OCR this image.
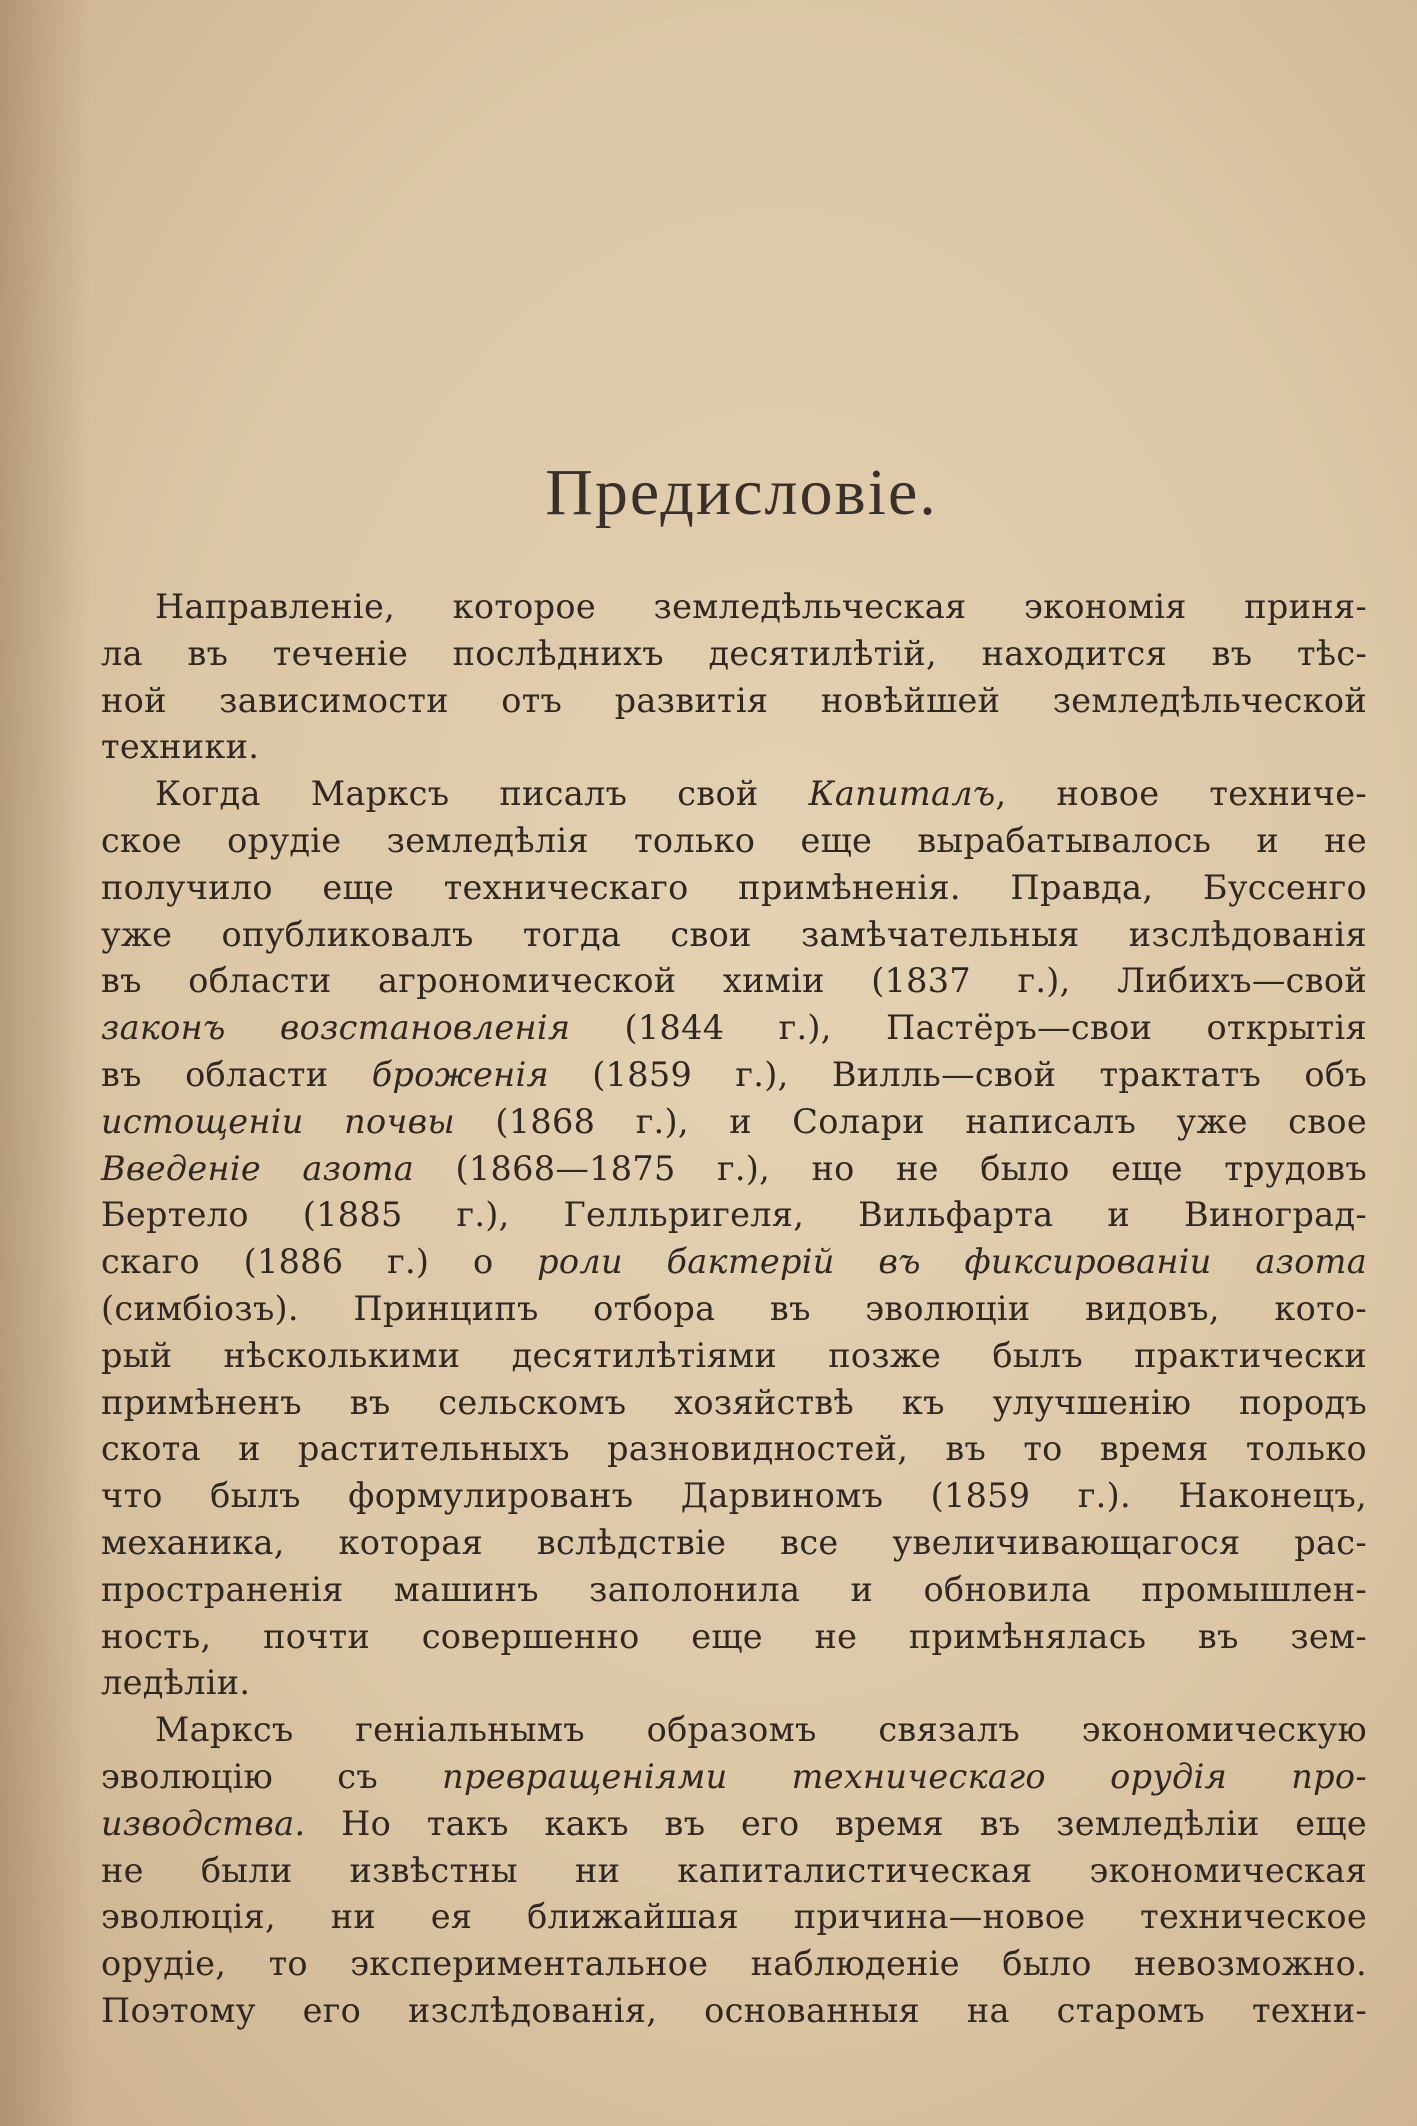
Предисловiе.
Направленiе, которое земледѣльческая экономiя приня-
ла въ теченiе послѣднихъ десятилѣтiй, находится въ тѣс-
ной зависимости отъ развитiя новѣйшей земледѣльческой
техники.
Когда Марксъ писалъ свой Капиталъ, новое техниче-
ское орудiе земледѣлiя только еще вырабатывалось и не
получило еще техническаго примѣненiя. Правда, Буссенго
уже опубликовалъ тогда свои замѣчательныя изслѣдованiя
въ области агрономической химiи (1837 г.), Либихъ—свой
законъ возстановленiя (1844 г.), Пастёръ—свои открытiя
въ области броженiя (1859 г.), Вилль—свой трактатъ объ
истощенiи почвы (1868 г.), и Солари написалъ уже свое
Введенiе азота (1868—1875 г.), но не было еще трудовъ
Бертело (1885 г.), Гелльригеля, Вильфарта и Виноград-
скаго (1886 г.) о роли бактерiй въ фиксированiи азота
(симбiозъ). Принципъ отбора въ эволюцiи видовъ, кото-
рый нѣсколькими десятилѣтiями позже былъ практически
примѣненъ въ сельскомъ хозяйствѣ къ улучшенiю породъ
скота и растительныхъ разновидностей, въ то время только
что былъ формулированъ Дарвиномъ (1859 г.). Наконецъ,
механика, которая вслѣдствiе все увеличивающагося рас-
пространенiя машинъ заполонила и обновила промышлен-
ность, почти совершенно еще не примѣнялась въ зем-
ледѣлiи.
Марксъ генiальнымъ образомъ связалъ экономическую
эволюцiю съ превращенiями техническаго орудiя про-
изводства. Но такъ какъ въ его время въ земледѣлiи еще
не были извѣстны ни капиталистическая экономическая
эволюцiя, ни ея ближайшая причина—новое техническое
орудiе, то экспериментальное наблюденiе было невозможно.
Поэтому его изслѣдованiя, основанныя на старомъ техни-
